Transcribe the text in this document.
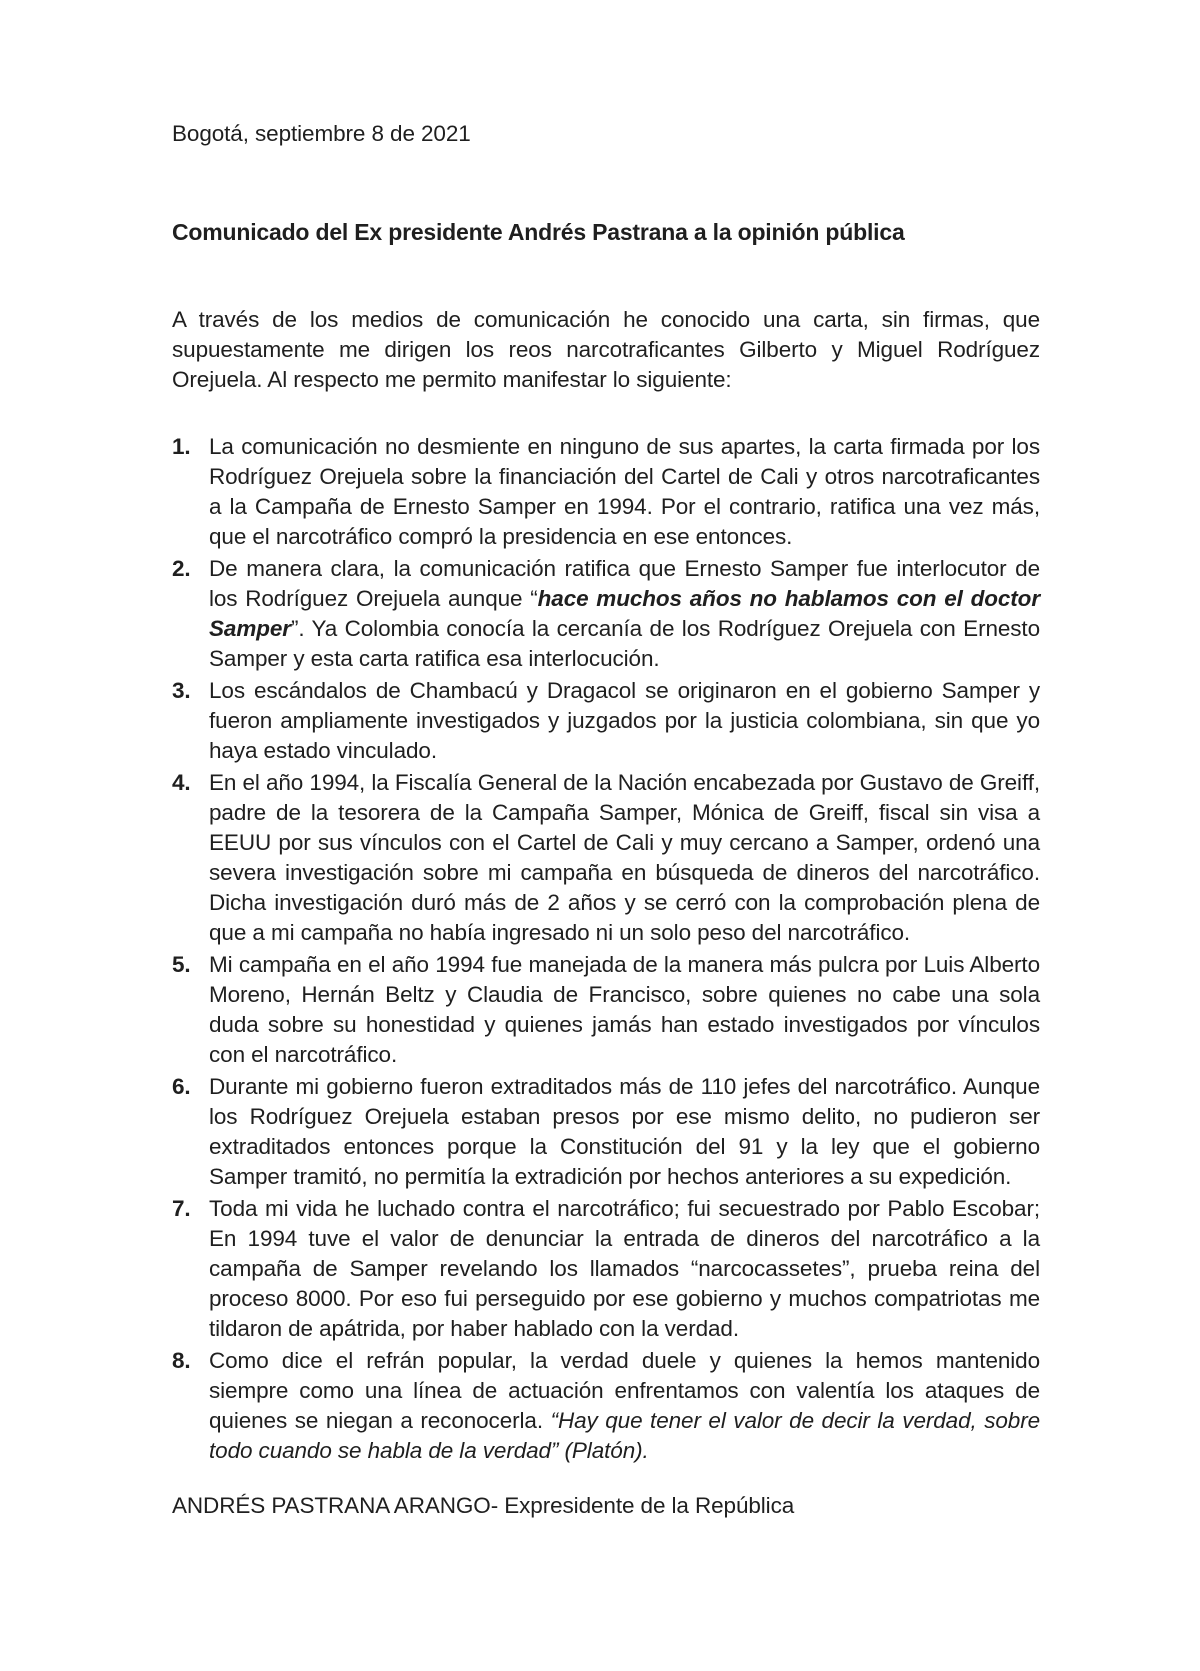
Bogotá, septiembre 8 de 2021

Comunicado del Ex presidente Andrés Pastrana a la opinión pública

A través de los medios de comunicación he conocido una carta, sin firmas, que supuestamente me dirigen los reos narcotraficantes Gilberto y Miguel Rodríguez Orejuela. Al respecto me permito manifestar lo siguiente:

1. La comunicación no desmiente en ninguno de sus apartes, la carta firmada por los Rodríguez Orejuela sobre la financiación del Cartel de Cali y otros narcotraficantes a la Campaña de Ernesto Samper en 1994. Por el contrario, ratifica una vez más, que el narcotráfico compró la presidencia en ese entonces.
2. De manera clara, la comunicación ratifica que Ernesto Samper fue interlocutor de los Rodríguez Orejuela aunque “hace muchos años no hablamos con el doctor Samper”. Ya Colombia conocía la cercanía de los Rodríguez Orejuela con Ernesto Samper y esta carta ratifica esa interlocución.
3. Los escándalos de Chambacú y Dragacol se originaron en el gobierno Samper y fueron ampliamente investigados y juzgados por la justicia colombiana, sin que yo haya estado vinculado.
4. En el año 1994, la Fiscalía General de la Nación encabezada por Gustavo de Greiff, padre de la tesorera de la Campaña Samper, Mónica de Greiff, fiscal sin visa a EEUU por sus vínculos con el Cartel de Cali y muy cercano a Samper, ordenó una severa investigación sobre mi campaña en búsqueda de dineros del narcotráfico. Dicha investigación duró más de 2 años y se cerró con la comprobación plena de que a mi campaña no había ingresado ni un solo peso del narcotráfico.
5. Mi campaña en el año 1994 fue manejada de la manera más pulcra por Luis Alberto Moreno, Hernán Beltz y Claudia de Francisco, sobre quienes no cabe una sola duda sobre su honestidad y quienes jamás han estado investigados por vínculos con el narcotráfico.
6. Durante mi gobierno fueron extraditados más de 110 jefes del narcotráfico. Aunque los Rodríguez Orejuela estaban presos por ese mismo delito, no pudieron ser extraditados entonces porque la Constitución del 91 y la ley que el gobierno Samper tramitó, no permitía la extradición por hechos anteriores a su expedición.
7. Toda mi vida he luchado contra el narcotráfico; fui secuestrado por Pablo Escobar; En 1994 tuve el valor de denunciar la entrada de dineros del narcotráfico a la campaña de Samper revelando los llamados “narcocassetes”, prueba reina del proceso 8000. Por eso fui perseguido por ese gobierno y muchos compatriotas me tildaron de apátrida, por haber hablado con la verdad.
8. Como dice el refrán popular, la verdad duele y quienes la hemos mantenido siempre como una línea de actuación enfrentamos con valentía los ataques de quienes se niegan a reconocerla. “Hay que tener el valor de decir la verdad, sobre todo cuando se habla de la verdad” (Platón).

ANDRÉS PASTRANA ARANGO- Expresidente de la República
